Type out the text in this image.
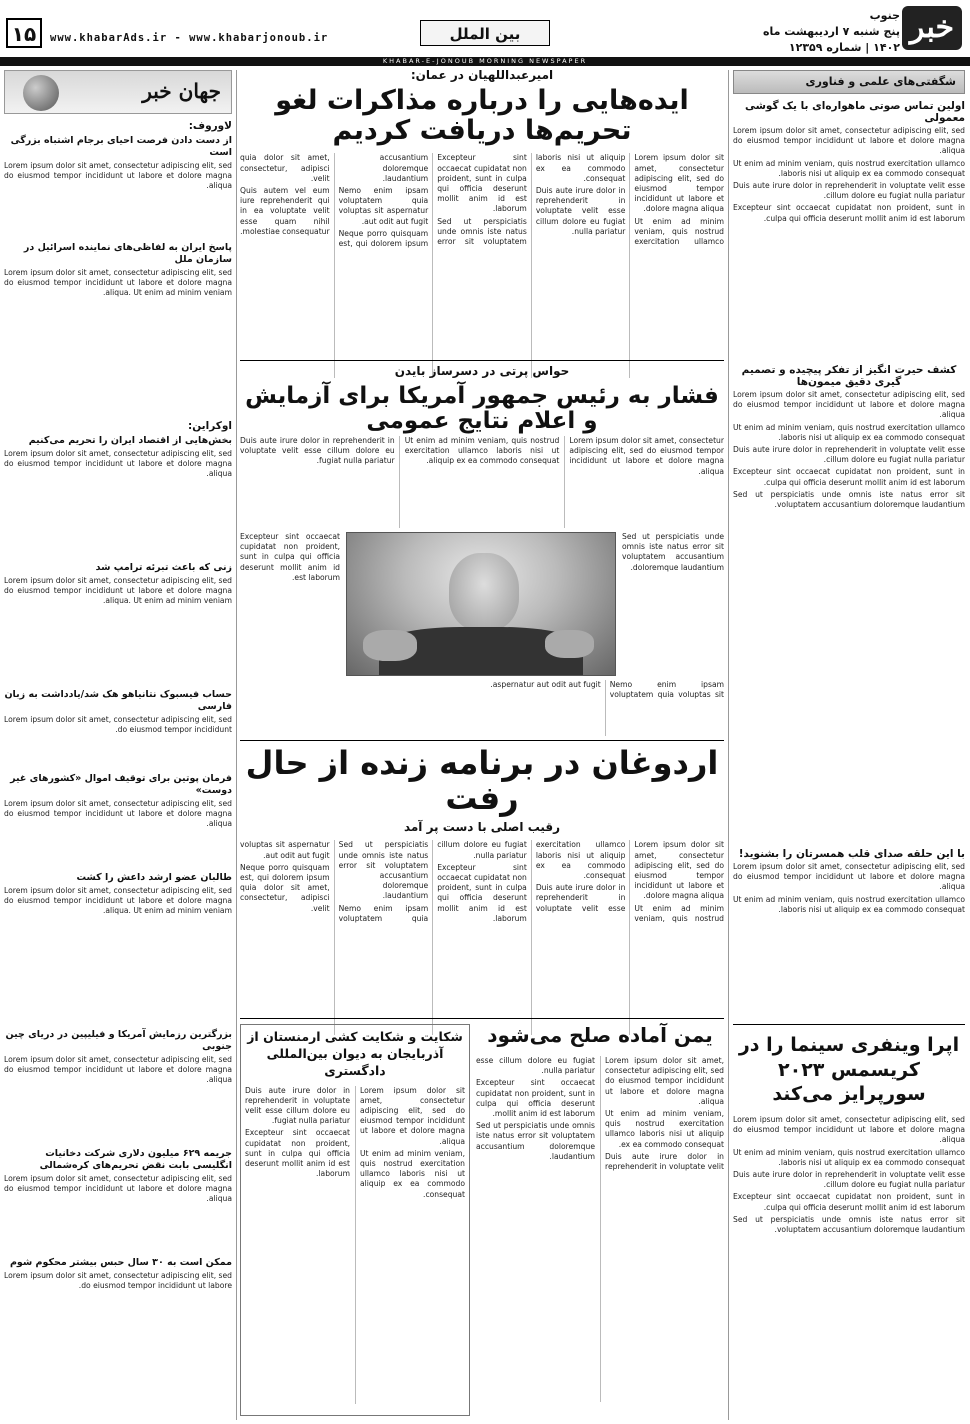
خبر
جنوب
پنج شنبه ۷ اردیبهشت ماه ۱۴۰۲ | شماره ۱۲۳۵۹
بین الملل
www.khabarAds.ir - www.khabarjonoub.ir
۱۵
KHABAR-E-JONOUB MORNING NEWSPAPER
شگفتی‌های علمی و فناوری
اولین تماس صوتی ماهواره‌ای با یک گوشی معمولی

Lorem ipsum dolor sit amet, consectetur adipiscing elit, sed do eiusmod tempor incididunt ut labore et dolore magna aliqua.

Ut enim ad minim veniam, quis nostrud exercitation ullamco laboris nisi ut aliquip ex ea commodo consequat.

Duis aute irure dolor in reprehenderit in voluptate velit esse cillum dolore eu fugiat nulla pariatur.

Excepteur sint occaecat cupidatat non proident, sunt in culpa qui officia deserunt mollit anim id est laborum.

کشف حیرت انگیز از تفکر پیچیده و تصمیم گیری دقیق میمون‌ها

Lorem ipsum dolor sit amet, consectetur adipiscing elit, sed do eiusmod tempor incididunt ut labore et dolore magna aliqua.

Ut enim ad minim veniam, quis nostrud exercitation ullamco laboris nisi ut aliquip ex ea commodo consequat.

Duis aute irure dolor in reprehenderit in voluptate velit esse cillum dolore eu fugiat nulla pariatur.

Excepteur sint occaecat cupidatat non proident, sunt in culpa qui officia deserunt mollit anim id est laborum.

Sed ut perspiciatis unde omnis iste natus error sit voluptatem accusantium doloremque laudantium.

با این حلقه صدای قلب همسرتان را بشنوید!

Lorem ipsum dolor sit amet, consectetur adipiscing elit, sed do eiusmod tempor incididunt ut labore et dolore magna aliqua.

Ut enim ad minim veniam, quis nostrud exercitation ullamco laboris nisi ut aliquip ex ea commodo consequat.

جهان خبر
لاوروف:
از دست دادن فرصت احیای برجام اشتباه بزرگی است
Lorem ipsum dolor sit amet, consectetur adipiscing elit, sed do eiusmod tempor incididunt ut labore et dolore magna aliqua.
پاسخ ایران به لفاظی‌های نماینده اسرائیل در سازمان ملل
Lorem ipsum dolor sit amet, consectetur adipiscing elit, sed do eiusmod tempor incididunt ut labore et dolore magna aliqua. Ut enim ad minim veniam.
اوکراین:
بخش‌هایی از اقتصاد ایران را تحریم می‌کنیم
Lorem ipsum dolor sit amet, consectetur adipiscing elit, sed do eiusmod tempor incididunt ut labore et dolore magna aliqua.
زنی که باعث تبرئه ترامپ شد
Lorem ipsum dolor sit amet, consectetur adipiscing elit, sed do eiusmod tempor incididunt ut labore et dolore magna aliqua. Ut enim ad minim veniam.
حساب فیسبوک نتانیاهو هک شد/یادداشت به زبان فارسی
Lorem ipsum dolor sit amet, consectetur adipiscing elit, sed do eiusmod tempor incididunt.
فرمان پوتین برای توقیف اموال «کشورهای غیر دوست»
Lorem ipsum dolor sit amet, consectetur adipiscing elit, sed do eiusmod tempor incididunt ut labore et dolore magna aliqua.
طالبان عضو ارشد داعش را کشت
Lorem ipsum dolor sit amet, consectetur adipiscing elit, sed do eiusmod tempor incididunt ut labore et dolore magna aliqua. Ut enim ad minim veniam.
بزرگترین رزمایش آمریکا و فیلیپین در دریای چین جنوبی
Lorem ipsum dolor sit amet, consectetur adipiscing elit, sed do eiusmod tempor incididunt ut labore et dolore magna aliqua.
جریمه ۶۲۹ میلیون دلاری شرکت دخانیات انگلیسی بابت نقض تحریم‌های کره‌شمالی
Lorem ipsum dolor sit amet, consectetur adipiscing elit, sed do eiusmod tempor incididunt ut labore et dolore magna aliqua.
ممکن است به ۳۰ سال حبس بیشتر محکوم شوم
Lorem ipsum dolor sit amet, consectetur adipiscing elit, sed do eiusmod tempor incididunt ut labore.
امیرعبداللهیان در عمان:
ایده‌هایی را درباره مذاکرات لغو تحریم‌ها دریافت کردیم

Lorem ipsum dolor sit amet, consectetur adipiscing elit, sed do eiusmod tempor incididunt ut labore et dolore magna aliqua.

Ut enim ad minim veniam, quis nostrud exercitation ullamco laboris nisi ut aliquip ex ea commodo consequat.

Duis aute irure dolor in reprehenderit in voluptate velit esse cillum dolore eu fugiat nulla pariatur.

Excepteur sint occaecat cupidatat non proident, sunt in culpa qui officia deserunt mollit anim id est laborum.

Sed ut perspiciatis unde omnis iste natus error sit voluptatem accusantium doloremque laudantium.

Nemo enim ipsam voluptatem quia voluptas sit aspernatur aut odit aut fugit.

Neque porro quisquam est, qui dolorem ipsum quia dolor sit amet, consectetur, adipisci velit.

Quis autem vel eum iure reprehenderit qui in ea voluptate velit esse quam nihil molestiae consequatur.

حواس پرتی در دسرساز بایدن
فشار به رئیس جمهور آمریکا برای آزمایش و اعلام نتایج عمومی

Lorem ipsum dolor sit amet, consectetur adipiscing elit, sed do eiusmod tempor incididunt ut labore et dolore magna aliqua.

Ut enim ad minim veniam, quis nostrud exercitation ullamco laboris nisi ut aliquip ex ea commodo consequat.

Duis aute irure dolor in reprehenderit in voluptate velit esse cillum dolore eu fugiat nulla pariatur.

Excepteur sint occaecat cupidatat non proident, sunt in culpa qui officia deserunt mollit anim id est laborum.
Sed ut perspiciatis unde omnis iste natus error sit voluptatem accusantium doloremque laudantium.
Nemo enim ipsam voluptatem quia voluptas sit aspernatur aut odit aut fugit.
اردوغان در برنامه زنده از حال رفت
رقیب اصلی با دست پر آمد

Lorem ipsum dolor sit amet, consectetur adipiscing elit, sed do eiusmod tempor incididunt ut labore et dolore magna aliqua.

Ut enim ad minim veniam, quis nostrud exercitation ullamco laboris nisi ut aliquip ex ea commodo consequat.

Duis aute irure dolor in reprehenderit in voluptate velit esse cillum dolore eu fugiat nulla pariatur.

Excepteur sint occaecat cupidatat non proident, sunt in culpa qui officia deserunt mollit anim id est laborum.

Sed ut perspiciatis unde omnis iste natus error sit voluptatem accusantium doloremque laudantium.

Nemo enim ipsam voluptatem quia voluptas sit aspernatur aut odit aut fugit.

Neque porro quisquam est, qui dolorem ipsum quia dolor sit amet, consectetur, adipisci velit.

شکایت و شکایت کشی ارمنستان از آذربایجان به دیوان بین‌المللی دادگستری

Lorem ipsum dolor sit amet, consectetur adipiscing elit, sed do eiusmod tempor incididunt ut labore et dolore magna aliqua.

Ut enim ad minim veniam, quis nostrud exercitation ullamco laboris nisi ut aliquip ex ea commodo consequat.

Duis aute irure dolor in reprehenderit in voluptate velit esse cillum dolore eu fugiat nulla pariatur.

Excepteur sint occaecat cupidatat non proident, sunt in culpa qui officia deserunt mollit anim id est laborum.

یمن آماده صلح می‌شود

Lorem ipsum dolor sit amet, consectetur adipiscing elit, sed do eiusmod tempor incididunt ut labore et dolore magna aliqua.

Ut enim ad minim veniam, quis nostrud exercitation ullamco laboris nisi ut aliquip ex ea commodo consequat.

Duis aute irure dolor in reprehenderit in voluptate velit esse cillum dolore eu fugiat nulla pariatur.

Excepteur sint occaecat cupidatat non proident, sunt in culpa qui officia deserunt mollit anim id est laborum.

Sed ut perspiciatis unde omnis iste natus error sit voluptatem accusantium doloremque laudantium.

اپرا وینفری سینما را در کریسمس ۲۰۲۳ سورپرایز می‌کند

Lorem ipsum dolor sit amet, consectetur adipiscing elit, sed do eiusmod tempor incididunt ut labore et dolore magna aliqua.

Ut enim ad minim veniam, quis nostrud exercitation ullamco laboris nisi ut aliquip ex ea commodo consequat.

Duis aute irure dolor in reprehenderit in voluptate velit esse cillum dolore eu fugiat nulla pariatur.

Excepteur sint occaecat cupidatat non proident, sunt in culpa qui officia deserunt mollit anim id est laborum.

Sed ut perspiciatis unde omnis iste natus error sit voluptatem accusantium doloremque laudantium.
